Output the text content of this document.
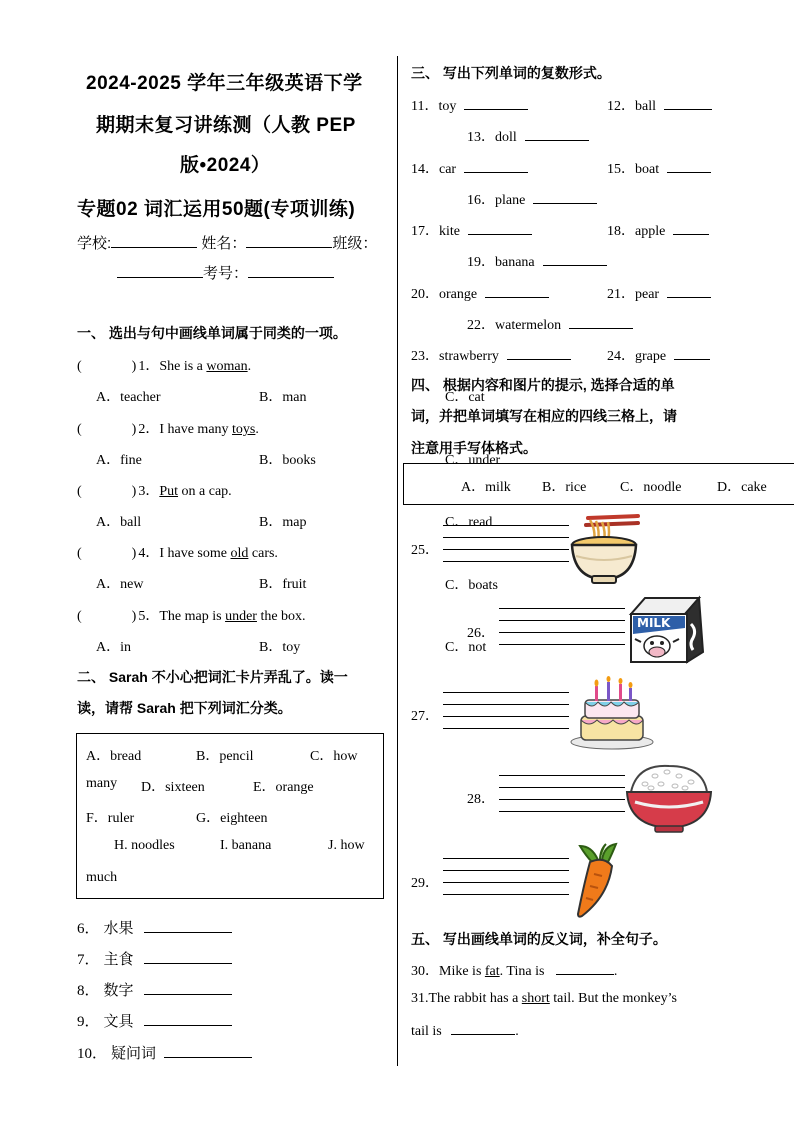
2024-2025 学年三年级英语下学
期期末复习讲练测（人教 PEP
版•2024）
专题02 词汇运用50题(专项训练)
学校:	姓名：	班级：
考号：
一、 选出与句中画线单词属于同类的一项。
(	) 1．She is a woman.
A．teacher	B．man
(	) 2．I have many toys.
A．fine	B．books
(	) 3．Put on a cap.
A．ball	B．map
(	) 4．I have some old cars.
A．new	B．fruit
(	) 5．The map is under the box.
A．in	B．toy
二、 Sarah 不小心把词汇卡片弄乱了。读一
读，请帮 Sarah 把下列词汇分类。
A．bread	B．pencil	C．how
many D．sixteen	E．orange
F．ruler	G．eighteen
H. noodles	I. banana	J. how
much
6． 水果
7． 主食
8． 数字
9． 文具
10． 疑问词
三、 写出下列单词的复数形式。
11．toy	12．ball
13．doll
14．car	15．boat
16．plane
17．kite	18．apple
19．banana
20．orange	21．pear
22．watermelon
23．strawberry	24．grape
C．cat
C．under
四、 根据内容和图片的提示, 选择合适的单
词，并把单词填写在相应的四线三格上，请
注意用手写体格式。
A．milk B．rice C．noodle	D．cake
C．read
C．boats
C．not
25．
26．
27．
28．
29．
MILK
五、 写出画线单词的反义词，补全句子。
30．Mike is fat. Tina is	.
31.The rabbit has a short tail. But the monkey’s
tail is	.
